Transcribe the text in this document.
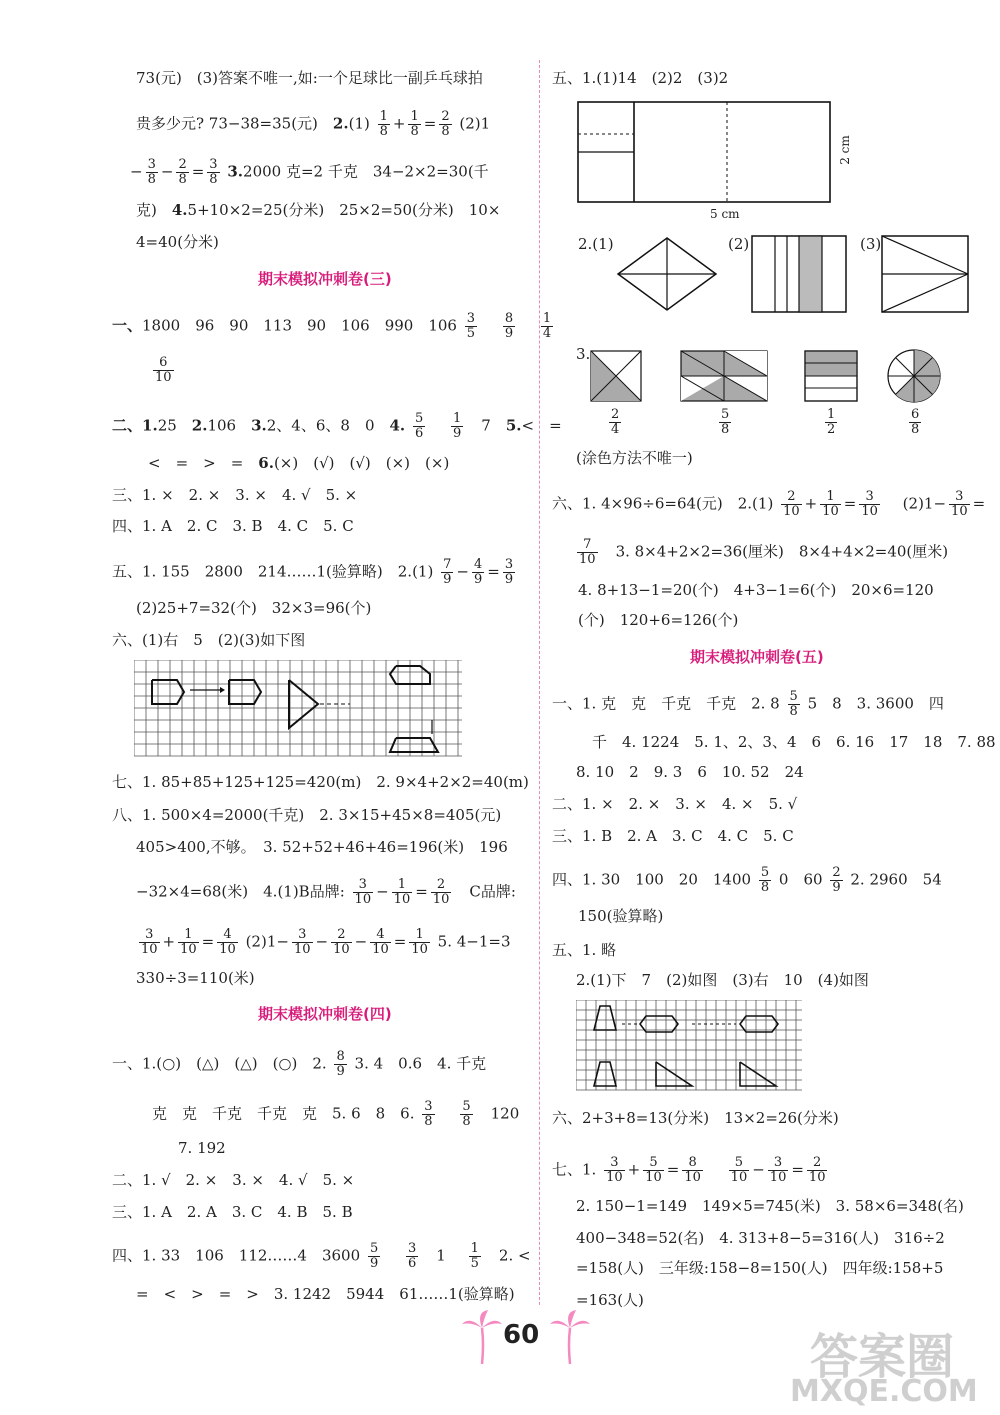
73(元)　(3)答案不唯一,如:一个足球比一副乒乓球拍
贵多少元? 73−38=35(元)　$2.(1) \frac{1}{8} + \frac{1}{8} = \frac{2}{8} (2)1$
− $\frac{3}{8} - \frac{2}{8} = \frac{3}{8} 3.2000$ 克=2 千克　34−2×2=30(千
克)　4.5+10×2=25(分米)　25×2=50(分米)　10×
4=40(分米)
期末模拟冲刺卷(三)
一、1800　96　90　113　90　106　990　$106 \frac{3}{5}$
　 $\frac{8}{9}$
　 $\frac{1}{4}$
$\frac{6}{10}$
二、1.25　2.106　3.2、4、6、8　0　4. $\frac{5}{6}$
　 $\frac{1}{9}$
　 7　5.<　=
<　=　>　=　6.(×)　(√)　(√)　(×)　(×)
三、1. ×　2. ×　3. ×　4. √　5. ×
四、1. A　2. C　3. B　4. C　5. C
五、1. 155　2800　214……1(验算略)　$2.(1) \frac{7}{9} - \frac{4}{9} = \frac{3}{9}$
(2)25+7=32(个)　32×3=96(个)
六、(1)右　5　(2)(3)如下图
七、1. 85+85+125+125=420(m)　2. 9×4+2×2=40(m)
八、1. 500×4=2000(千克)　2. 3×15+45×8=405(元)
405>400,不够。　3. 52+52+46+46=196(米)　196
−32×4=68(米)　4.(1)B品牌: $\frac{3}{10} - \frac{1}{10} = \frac{2}{10}$
　 C品牌:
$\frac{3}{10} + \frac{1}{10} = \frac{4}{10} (2)1- \frac{3}{10} - \frac{2}{10} - \frac{4}{10} = \frac{1}{10} 5$. 4−1=3
330÷3=110(米)
期末模拟冲刺卷(四)
一、1.(○)　(△)　(△)　(○)　2. $\frac{8}{9} 3$. 4　0.6　4. 千克
克　克　千克　千克　克　5. 6　8　6. $\frac{3}{8}$
　 $\frac{5}{8}$
　 120
7. 192
二、1. √　2. ×　3. ×　4. √　5. ×
三、1. A　2. A　3. C　4. B　5. B
四、1. 33　106　112……4　$3600 \frac{5}{9}$
　 $\frac{3}{6}$
　 1　 $\frac{1}{5}$
　 2. <
=　<　>　=　>　3. 1242　5944　61……1(验算略)
五、1.(1)14　(2)2　(3)2
5 cm
2 cm
2.(1)	(2)	(3)
3.
$\frac{2}{4}$	$\frac{5}{8}$	$\frac{1}{2}$	$\frac{6}{8}$
(涂色方法不唯一)
六、1. 4×96÷6=64(元)　$2.(1) \frac{2}{10} + \frac{1}{10} = \frac{3}{10}$
　 $(2)1- \frac{3}{10}$ =
$\frac{7}{10}$
　 3. 8×4+2×2=36(厘米)　8×4+4×2=40(厘米)
4. 8+13−1=20(个)　4+3−1=6(个)　20×6=120
(个)　120+6=126(个)
期末模拟冲刺卷(五)
一、1. 克　克　千克　千克　2. $8 \frac{5}{8} 5$　8　3. 3600　四
千　4. 1224　5. 1、2、3、4　6　6. 16　17　18　7. 88
8. 10　2　9. 3　6　10. 52　24
二、1. ×　2. ×　3. ×　4. ×　5. √
三、1. B　2. A　3. C　4. C　5. C
四、1. 30　100　20　$1400 \frac{5}{8} 0$　$60 \frac{2}{9} 2$. 2960　54
150(验算略)
五、1. 略
2.(1)下　7　(2)如图　(3)右　10　(4)如图
六、2+3+8=13(分米)　13×2=26(分米)
七、1. $\frac{3}{10} + \frac{5}{10} = \frac{8}{10}$
　 $\frac{5}{10} - \frac{3}{10} = \frac{2}{10}$
2. 150−1=149　149×5=745(米)　3. 58×6=348(名)
400−348=52(名)　4. 313+8−5=316(人)　316÷2
=158(人)　三年级:158−8=150(人)　四年级:158+5
=163(人)
60	答案圈
MXQE.COM
